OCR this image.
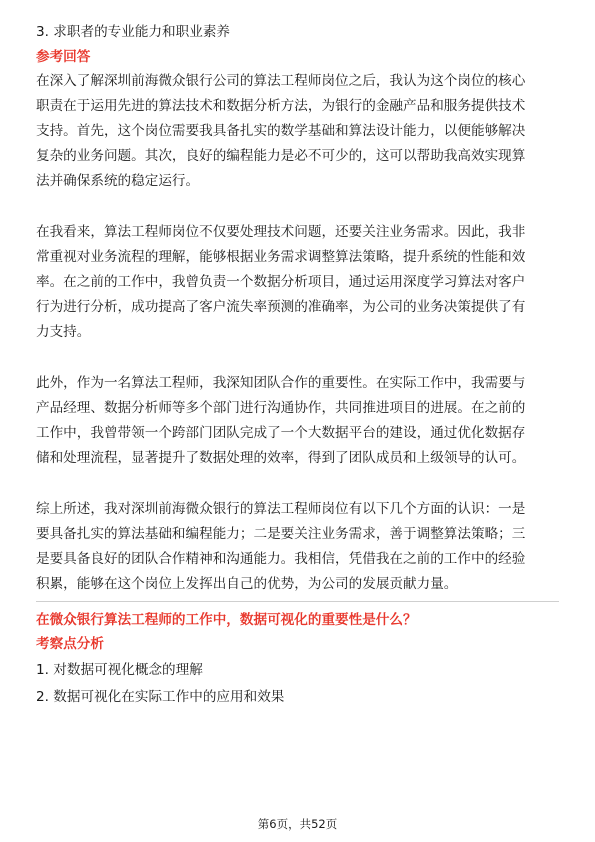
3. 求职者的专业能力和职业素养

参考回答

在深入了解深圳前海微众银行公司的算法工程师岗位之后，我认为这个岗位的核心

职责在于运用先进的算法技术和数据分析方法，为银行的金融产品和服务提供技术

支持。首先，这个岗位需要我具备扎实的数学基础和算法设计能力，以便能够解决

复杂的业务问题。其次，良好的编程能力是必不可少的，这可以帮助我高效实现算

法并确保系统的稳定运行。

在我看来，算法工程师岗位不仅要处理技术问题，还要关注业务需求。因此，我非

常重视对业务流程的理解，能够根据业务需求调整算法策略，提升系统的性能和效

率。在之前的工作中，我曾负责一个数据分析项目，通过运用深度学习算法对客户

行为进行分析，成功提高了客户流失率预测的准确率，为公司的业务决策提供了有

力支持。

此外，作为一名算法工程师，我深知团队合作的重要性。在实际工作中，我需要与

产品经理、数据分析师等多个部门进行沟通协作，共同推进项目的进展。在之前的

工作中，我曾带领一个跨部门团队完成了一个大数据平台的建设，通过优化数据存

储和处理流程，显著提升了数据处理的效率，得到了团队成员和上级领导的认可。

综上所述，我对深圳前海微众银行的算法工程师岗位有以下几个方面的认识：一是

要具备扎实的算法基础和编程能力；二是要关注业务需求，善于调整算法策略；三

是要具备良好的团队合作精神和沟通能力。我相信，凭借我在之前的工作中的经验

积累，能够在这个岗位上发挥出自己的优势，为公司的发展贡献力量。

在微众银行算法工程师的工作中，数据可视化的重要性是什么？

考察点分析

1. 对数据可视化概念的理解

2. 数据可视化在实际工作中的应用和效果

第6页，共52页
